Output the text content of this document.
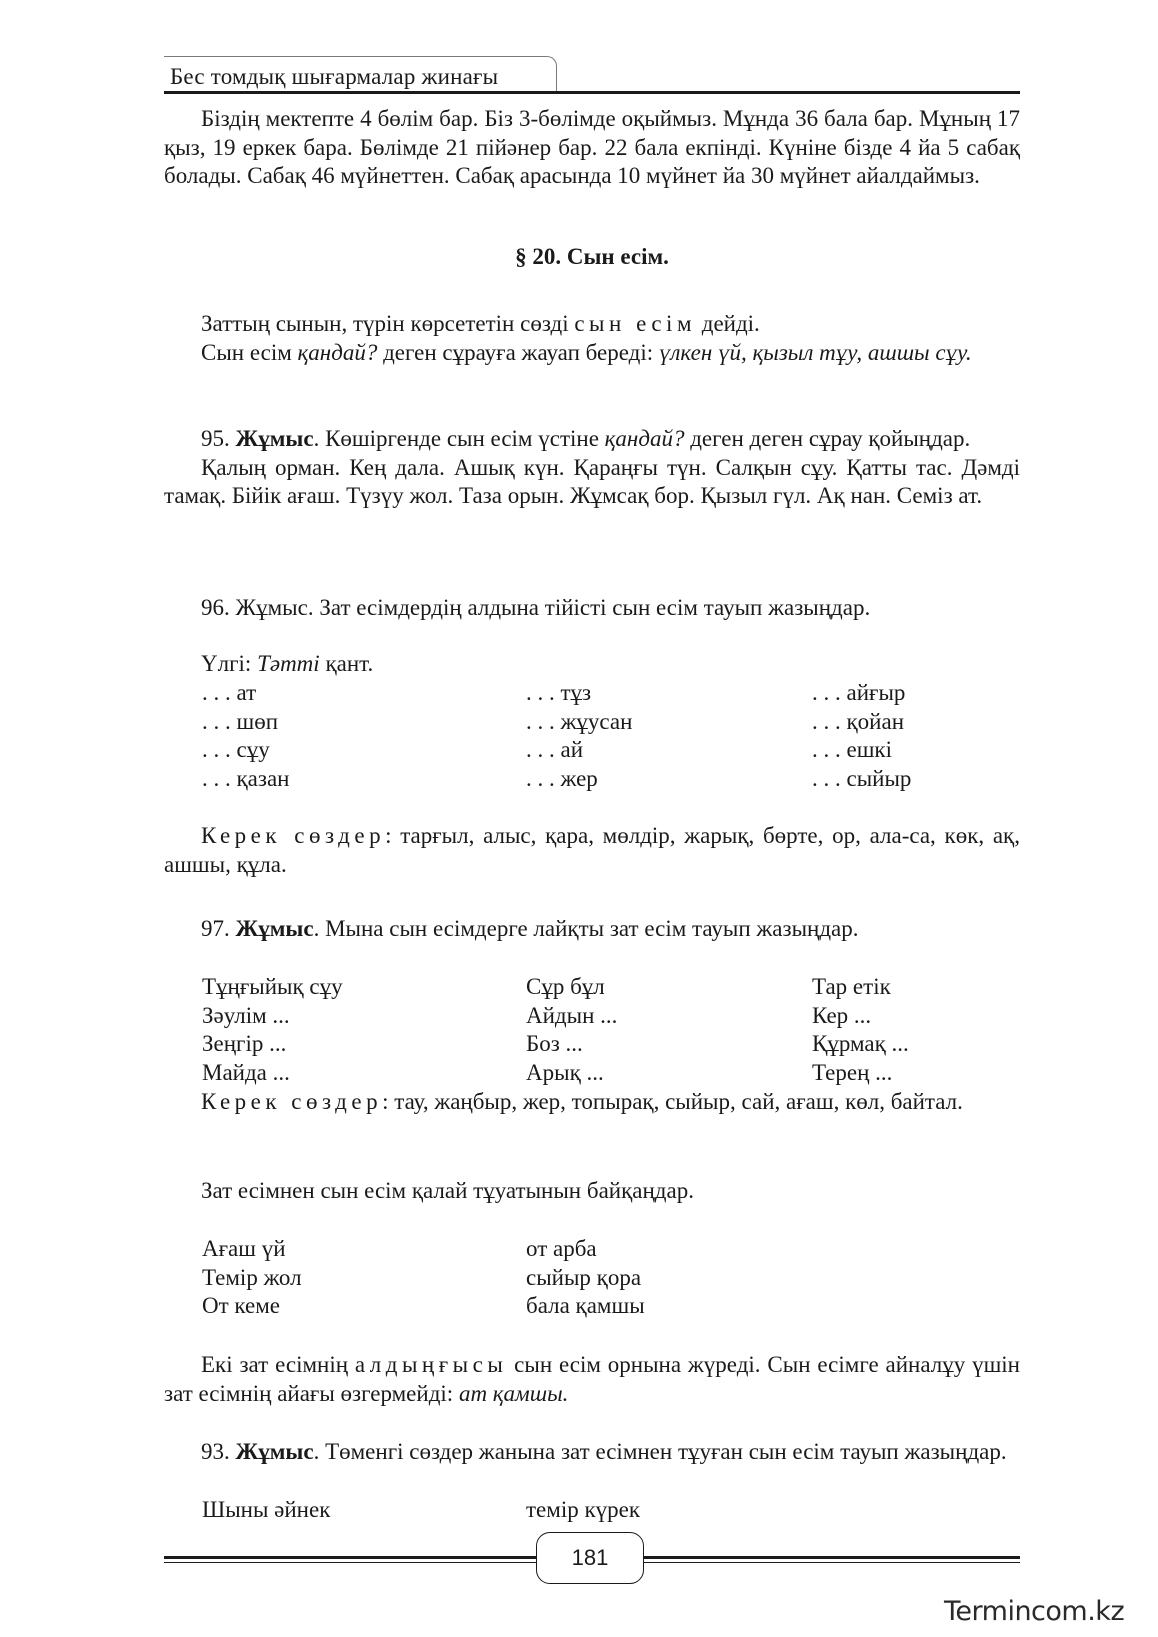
Бес томдық шығармалар жинағы

Біздің мектепте 4 бөлім бар. Біз 3-бөлімде оқыймыз. Мұнда 36 бала бар. Мұның 17 қыз, 19 еркек бара. Бөлімде 21 пійәнер бар. 22 бала екпінді. Күніне бізде 4 йа 5 сабақ болады. Сабақ 46 мүйнеттен. Сабақ арасында 10 мүйнет йа 30 мүйнет айалдаймыз.

§ 20. Сын есім.

Заттың сынын, түрін көрсететін сөзді сын есім дейді.

Сын есім қандай? деген сұрауға жауап береді: үлкен үй, қызыл тұу, ашшы сұу.

95. Жұмыс. Көшіргенде сын есім үстіне қандай? деген деген сұрау қойыңдар.

Қалың орман. Кең дала. Ашық күн. Қараңғы түн. Салқын сұу. Қатты тас. Дәмді тамақ. Бійік ағаш. Түзүу жол. Таза орын. Жұмсақ бор. Қызыл гүл. Ақ нан. Семіз ат.

96. Жұмыс. Зат есімдердің алдына тійісті сын есім тауып жазыңдар.

Үлгі: Тәтті қант.

. . . ат	. . . тұз	. . . айғыр
. . . шөп	. . . жұусан	. . . қойан
. . . сұу	. . . ай	. . . ешкі
. . . қазан	. . . жер	. . . сыйыр

Керек сөздер: тарғыл, алыс, қара, мөлдір, жарық, бөрте, ор, ала-са, көк, ақ, ашшы, құла.

97. Жұмыс. Мына сын есімдерге лайқты зат есім тауып жазыңдар.

Тұңғыйық сұу	Сұр бұл	Тар етік
Зәулім ...	Айдын ...	Кер ...
Зеңгір ...	Боз ...	Құрмақ ...
Майда ...	Арық ...	Терең ...

Керек сөздер: тау, жаңбыр, жер, топырақ, сыйыр, сай, ағаш, көл, байтал.

Зат есімнен сын есім қалай тұуатынын байқаңдар.

Ағаш үй	от арба
Темір жол	сыйыр қора
От кеме	бала қамшы

Екі зат есімнің алдыңғысы сын есім орнына жүреді. Сын есімге айналұу үшін зат есімнің айағы өзгермейді: ат қамшы.

93. Жұмыс. Төменгі сөздер жанына зат есімнен тұуған сын есім тауып жазыңдар.

Шыны әйнек	темір күрек
181
Termincom.kz
